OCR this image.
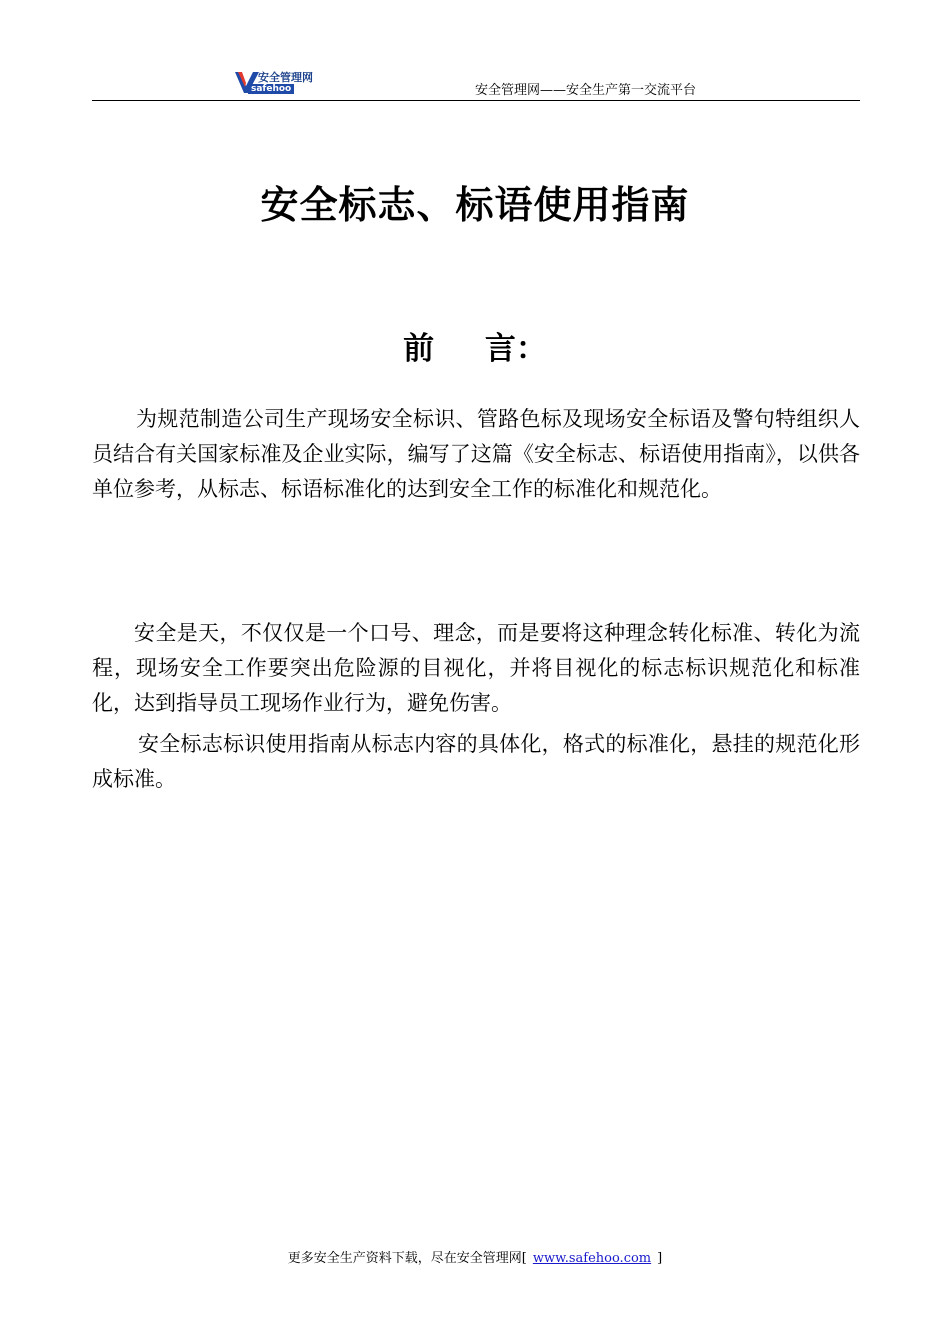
安全管理网
safehoo	安全管理网——安全生产第一交流平台
安全标志、标语使用指南
前 言：

为规范制造公司生产现场安全标识、管路色标及现场安全标语及警句特组织人员结合有关国家标准及企业实际，编写了这篇《安全标志、标语使用指南》，以供各单位参考，从标志、标语标准化的达到安全工作的标准化和规范化。

安全是天，不仅仅是一个口号、理念，而是要将这种理念转化标准、转化为流程，现场安全工作要突出危险源的目视化，并将目视化的标志标识规范化和标准化，达到指导员工现场作业行为，避免伤害。

安全标志标识使用指南从标志内容的具体化，格式的标准化，悬挂的规范化形成标准。

更多安全生产资料下载，尽在安全管理网[ www.safehoo.com ]
